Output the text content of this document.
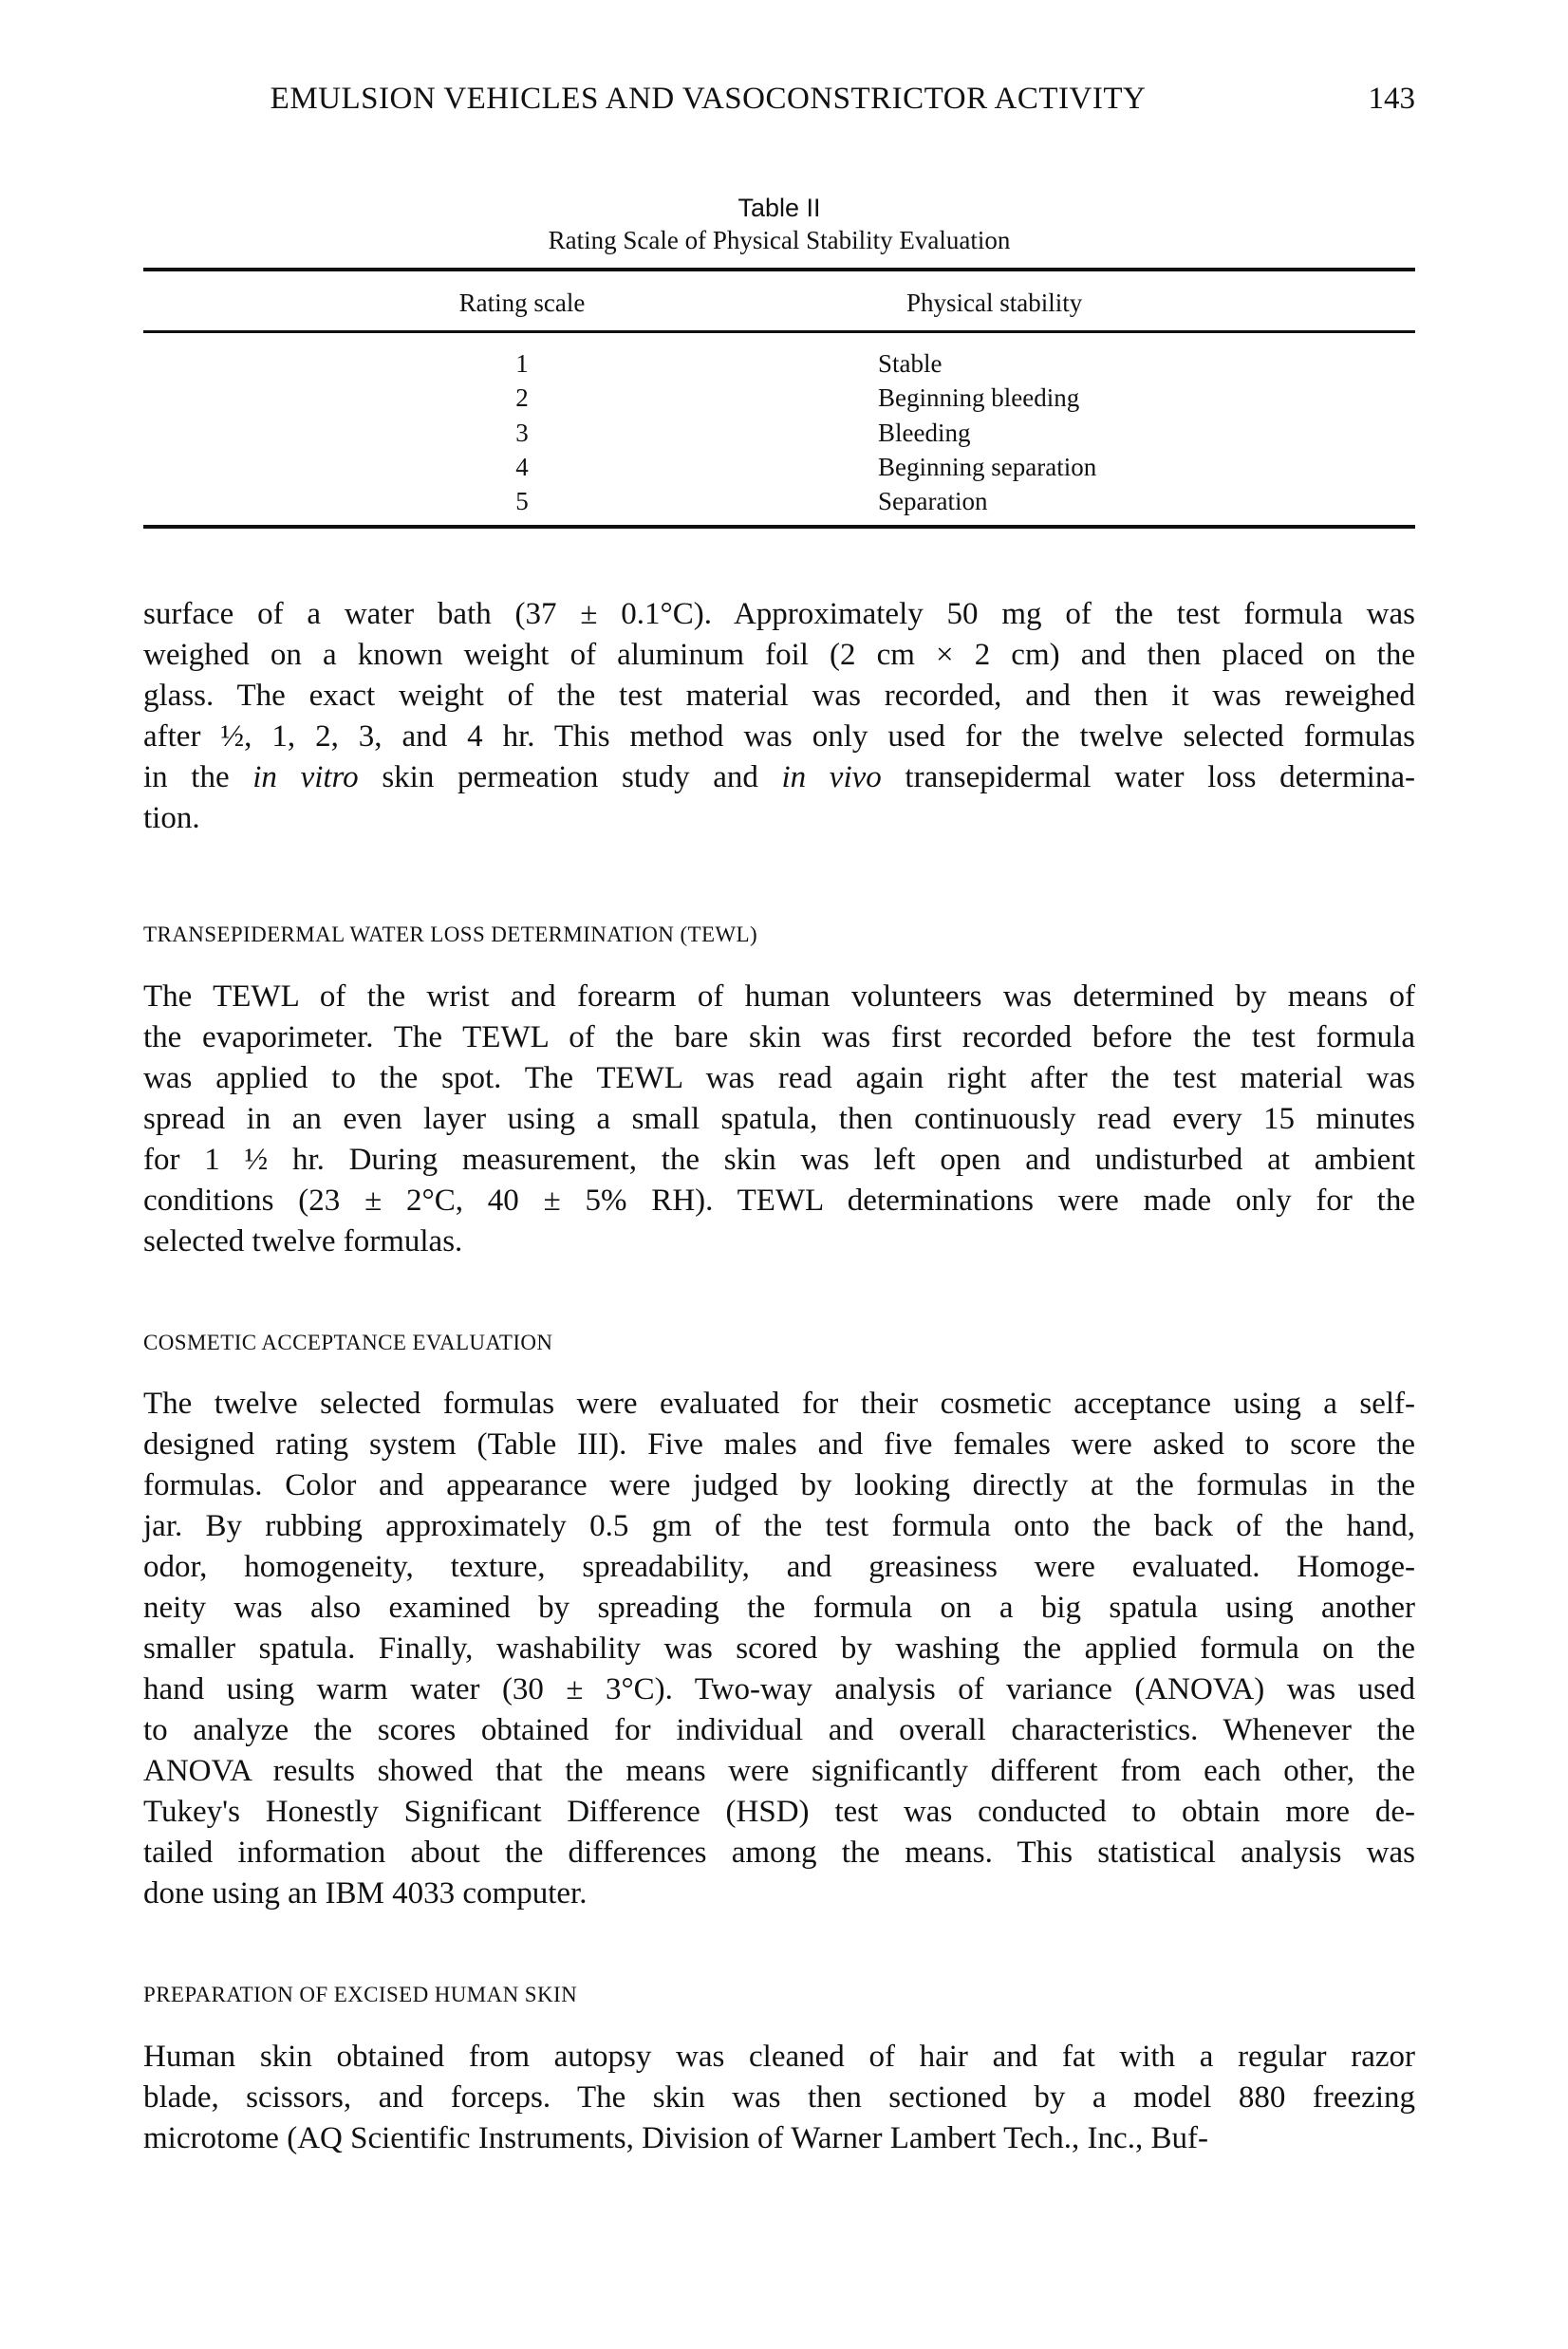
EMULSION VEHICLES AND VASOCONSTRICTOR ACTIVITY	143
Table II
Rating Scale of Physical Stability Evaluation
Rating scale	Physical stability
1	Stable
2	Beginning bleeding
3	Bleeding
4	Beginning separation
5	Separation
surface of a water bath (37 ± 0.1°C). Approximately 50 mg of the test formula was
weighed on a known weight of aluminum foil (2 cm × 2 cm) and then placed on the
glass. The exact weight of the test material was recorded, and then it was reweighed
after ½, 1, 2, 3, and 4 hr. This method was only used for the twelve selected formulas
in the in vitro skin permeation study and in vivo transepidermal water loss determina-
tion.
TRANSEPIDERMAL WATER LOSS DETERMINATION (TEWL)
The TEWL of the wrist and forearm of human volunteers was determined by means of
the evaporimeter. The TEWL of the bare skin was first recorded before the test formula
was applied to the spot. The TEWL was read again right after the test material was
spread in an even layer using a small spatula, then continuously read every 15 minutes
for 1 ½ hr. During measurement, the skin was left open and undisturbed at ambient
conditions (23 ± 2°C, 40 ± 5% RH). TEWL determinations were made only for the
selected twelve formulas.
COSMETIC ACCEPTANCE EVALUATION
The twelve selected formulas were evaluated for their cosmetic acceptance using a self-
designed rating system (Table III). Five males and five females were asked to score the
formulas. Color and appearance were judged by looking directly at the formulas in the
jar. By rubbing approximately 0.5 gm of the test formula onto the back of the hand,
odor, homogeneity, texture, spreadability, and greasiness were evaluated. Homoge-
neity was also examined by spreading the formula on a big spatula using another
smaller spatula. Finally, washability was scored by washing the applied formula on the
hand using warm water (30 ± 3°C). Two-way analysis of variance (ANOVA) was used
to analyze the scores obtained for individual and overall characteristics. Whenever the
ANOVA results showed that the means were significantly different from each other, the
Tukey's Honestly Significant Difference (HSD) test was conducted to obtain more de-
tailed information about the differences among the means. This statistical analysis was
done using an IBM 4033 computer.
PREPARATION OF EXCISED HUMAN SKIN
Human skin obtained from autopsy was cleaned of hair and fat with a regular razor
blade, scissors, and forceps. The skin was then sectioned by a model 880 freezing
microtome (AQ Scientific Instruments, Division of Warner Lambert Tech., Inc., Buf-
